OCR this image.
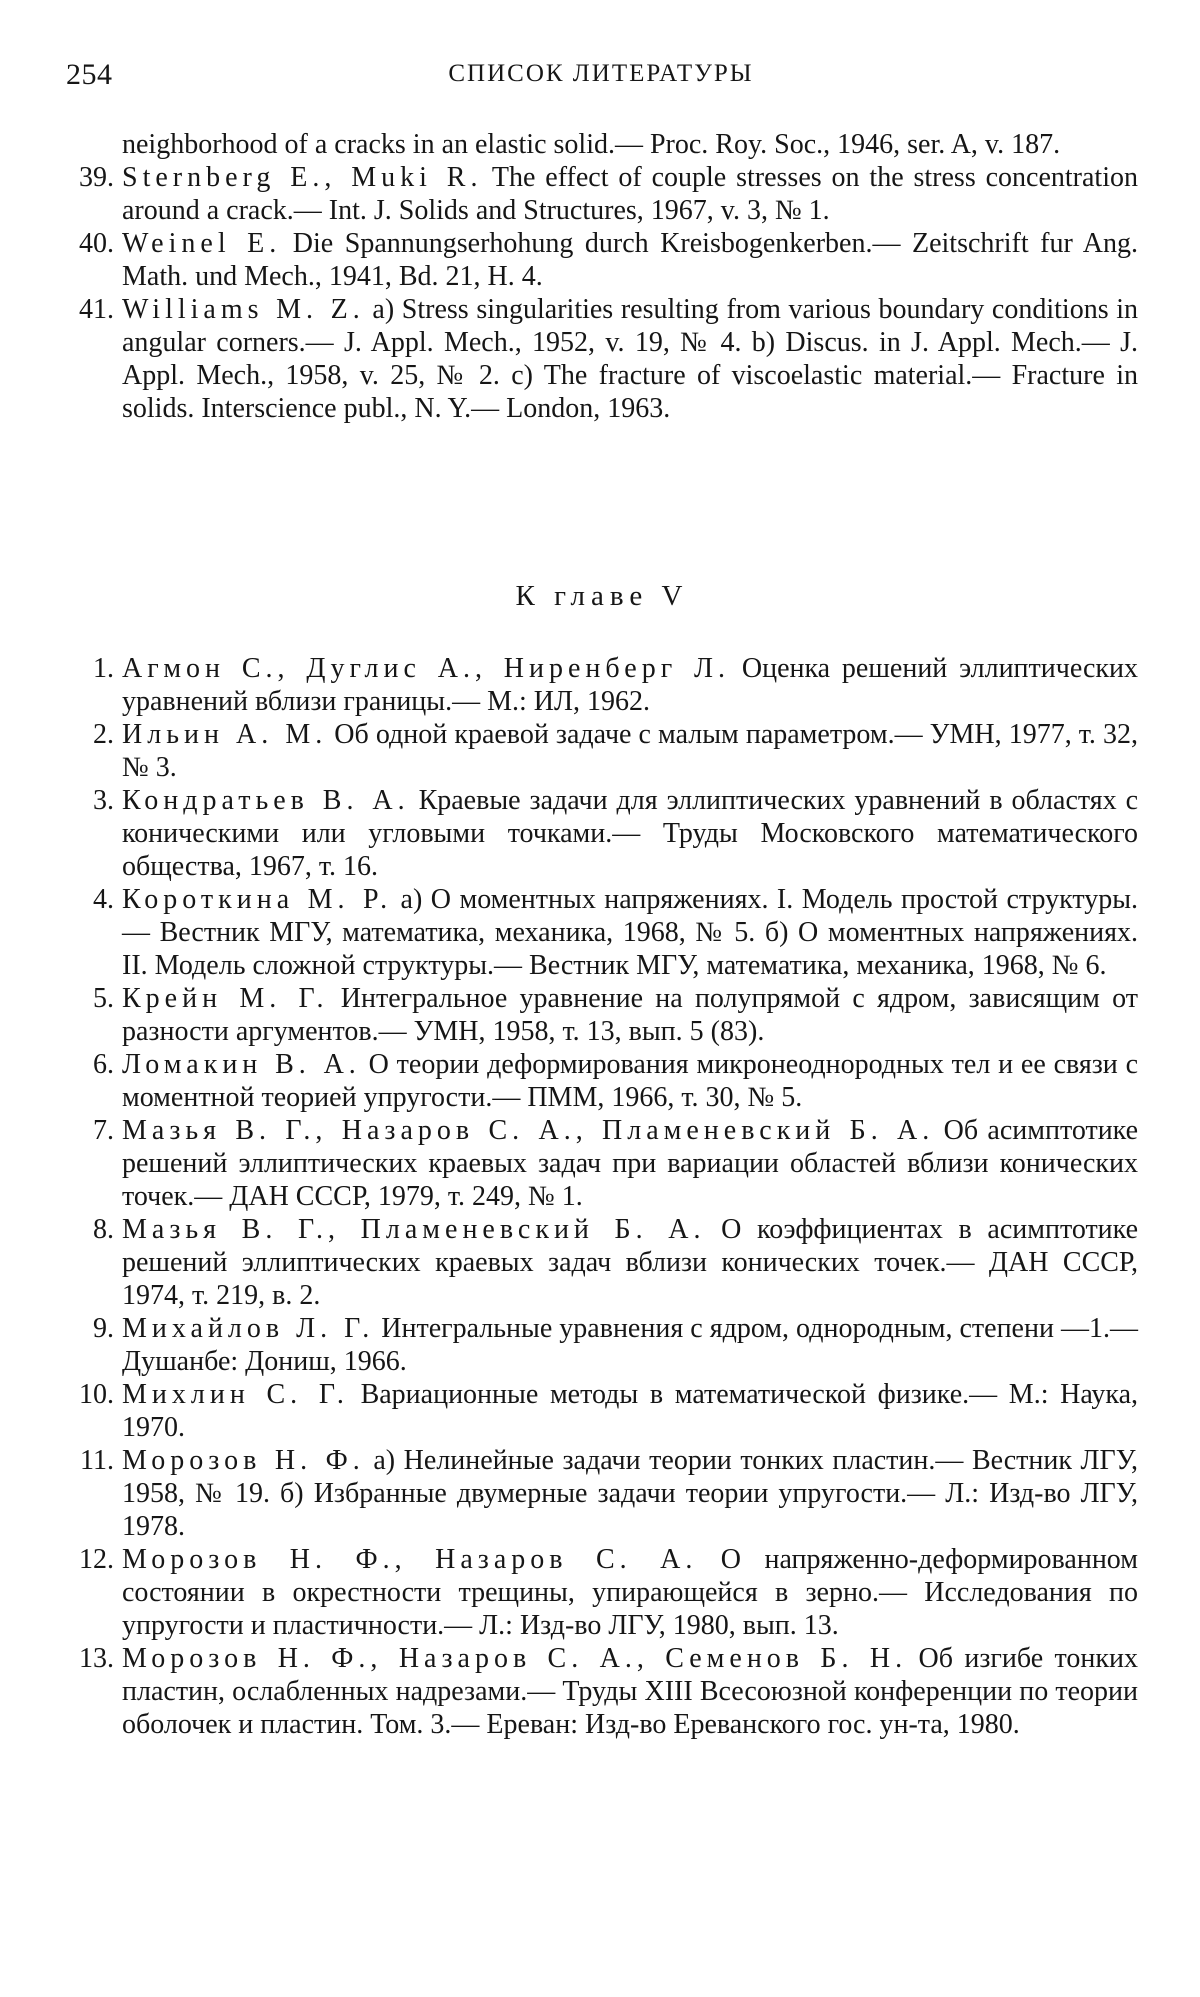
254	СПИСОК ЛИТЕРАТУРЫ
neighborhood of a cracks in an elastic solid.— Proc. Roy. Soc., 1946, ser. A, v. 187.
39. Sternberg E., Muki R. The effect of couple stresses on the stress concentration around a crack.— Int. J. Solids and Structures, 1967, v. 3, № 1.
40. Weinel E. Die Spannungserhohung durch Kreisbogenkerben.— Zeitschrift fur Ang. Math. und Mech., 1941, Bd. 21, H. 4.
41. Williams M. Z. a) Stress singularities resulting from various boundary conditions in angular corners.— J. Appl. Mech., 1952, v. 19, № 4. b) Discus. in J. Appl. Mech.— J. Appl. Mech., 1958, v. 25, № 2. c) The fracture of viscoelastic material.— Fracture in solids. Interscience publ., N. Y.— London, 1963.
К главе V
1. Агмон С., Дуглис А., Ниренберг Л. Оценка решений эллиптических уравнений вблизи границы.— М.: ИЛ, 1962.
2. Ильин А. М. Об одной краевой задаче с малым параметром.— УМН, 1977, т. 32, № 3.
3. Кондратьев В. А. Краевые задачи для эллиптических уравнений в областях с коническими или угловыми точками.— Труды Московского математического общества, 1967, т. 16.
4. Короткина М. Р. а) О моментных напряжениях. I. Модель простой структуры.— Вестник МГУ, математика, механика, 1968, № 5. б) О моментных напряжениях. II. Модель сложной структуры.— Вестник МГУ, математика, механика, 1968, № 6.
5. Крейн М. Г. Интегральное уравнение на полупрямой с ядром, зависящим от разности аргументов.— УМН, 1958, т. 13, вып. 5 (83).
6. Ломакин В. А. О теории деформирования микронеоднородных тел и ее связи с моментной теорией упругости.— ПММ, 1966, т. 30, № 5.
7. Мазья В. Г., Назаров С. А., Пламеневский Б. А. Об асимптотике решений эллиптических краевых задач при вариации областей вблизи конических точек.— ДАН СССР, 1979, т. 249, № 1.
8. Мазья В. Г., Пламеневский Б. А. О коэффициентах в асимптотике решений эллиптических краевых задач вблизи конических точек.— ДАН СССР, 1974, т. 219, в. 2.
9. Михайлов Л. Г. Интегральные уравнения с ядром, однородным, степени —1.— Душанбе: Дониш, 1966.
10. Михлин С. Г. Вариационные методы в математической физике.— М.: Наука, 1970.
11. Морозов Н. Ф. а) Нелинейные задачи теории тонких пластин.— Вестник ЛГУ, 1958, № 19. б) Избранные двумерные задачи теории упругости.— Л.: Изд-во ЛГУ, 1978.
12. Морозов Н. Ф., Назаров С. А. О напряженно-деформированном состоянии в окрестности трещины, упирающейся в зерно.— Исследования по упругости и пластичности.— Л.: Изд-во ЛГУ, 1980, вып. 13.
13. Морозов Н. Ф., Назаров С. А., Семенов Б. Н. Об изгибе тонких пластин, ослабленных надрезами.— Труды XIII Всесоюзной конференции по теории оболочек и пластин. Том. 3.— Ереван: Изд-во Ереванского гос. ун-та, 1980.
